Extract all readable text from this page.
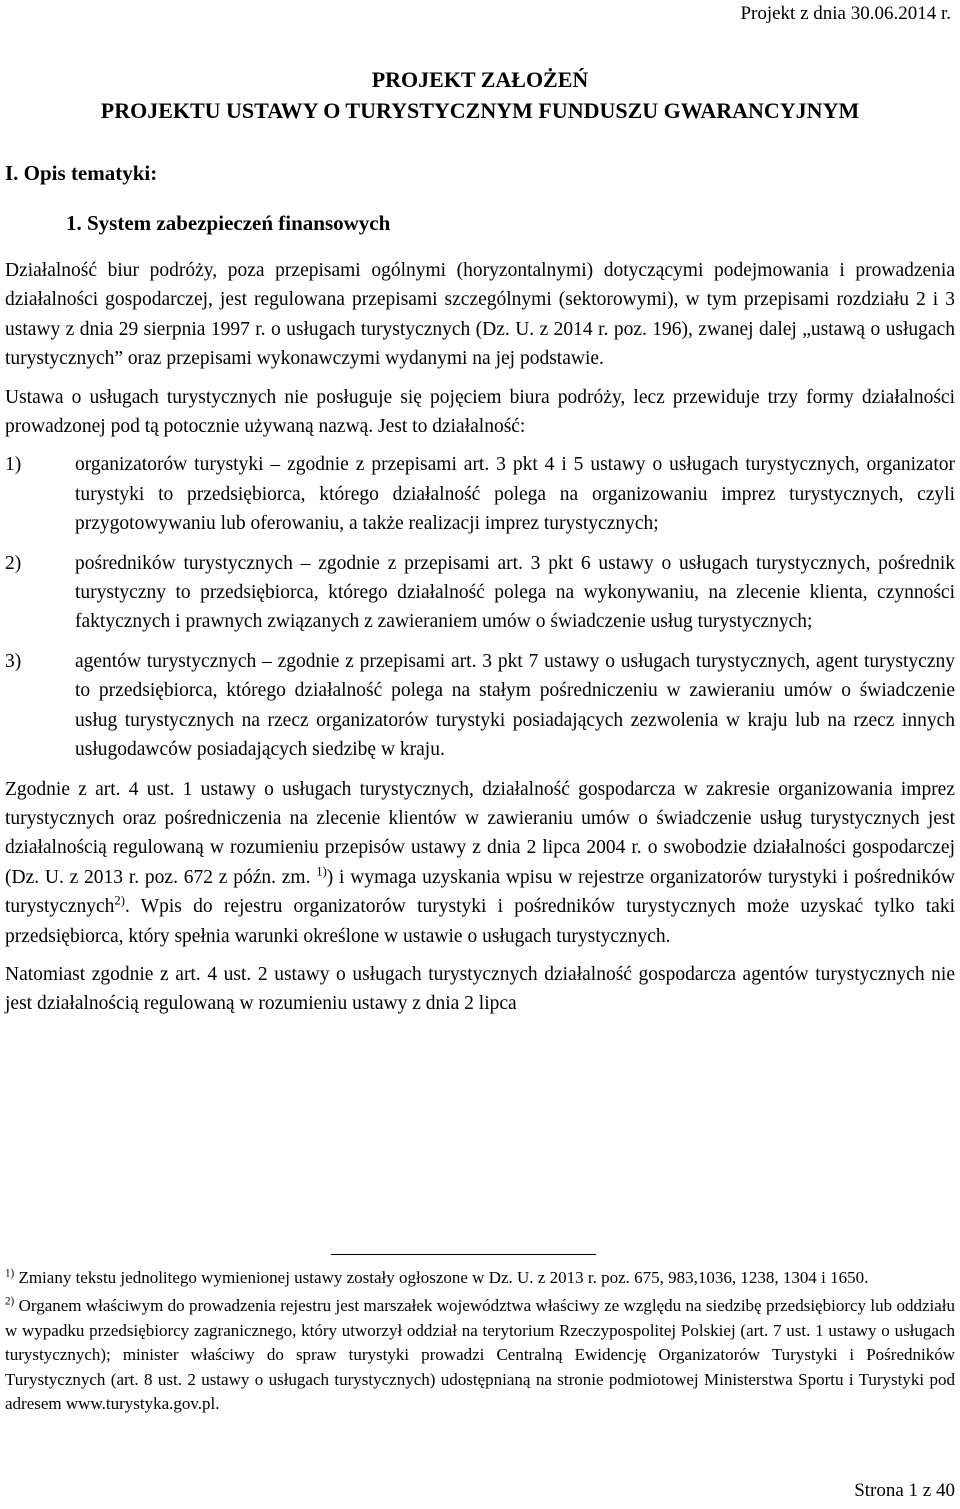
Projekt z dnia 30.06.2014 r.
PROJEKT ZAŁOŻEŃ
PROJEKTU USTAWY O TURYSTYCZNYM FUNDUSZU GWARANCYJNYM
I. Opis tematyki:
1. System zabezpieczeń finansowych

Działalność biur podróży, poza przepisami ogólnymi (horyzontalnymi) dotyczącymi podejmowania i prowadzenia działalności gospodarczej, jest regulowana przepisami szczególnymi (sektorowymi), w tym przepisami rozdziału 2 i 3 ustawy z dnia 29 sierpnia 1997 r. o usługach turystycznych (Dz. U. z 2014 r. poz. 196), zwanej dalej „ustawą o usługach turystycznych” oraz przepisami wykonawczymi wydanymi na jej podstawie.

Ustawa o usługach turystycznych nie posługuje się pojęciem biura podróży, lecz przewiduje trzy formy działalności prowadzonej pod tą potocznie używaną nazwą. Jest to działalność:

1)	organizatorów turystyki – zgodnie z przepisami art. 3 pkt 4 i 5 ustawy o usługach turystycznych, organizator turystyki to przedsiębiorca, którego działalność polega na organizowaniu imprez turystycznych, czyli przygotowywaniu lub oferowaniu, a także realizacji imprez turystycznych;
2)	pośredników turystycznych – zgodnie z przepisami art. 3 pkt 6 ustawy o usługach turystycznych, pośrednik turystyczny to przedsiębiorca, którego działalność polega na wykonywaniu, na zlecenie klienta, czynności faktycznych i prawnych związanych z zawieraniem umów o świadczenie usług turystycznych;
3)	agentów turystycznych – zgodnie z przepisami art. 3 pkt 7 ustawy o usługach turystycznych, agent turystyczny to przedsiębiorca, którego działalność polega na stałym pośredniczeniu w zawieraniu umów o świadczenie usług turystycznych na rzecz organizatorów turystyki posiadających zezwolenia w kraju lub na rzecz innych usługodawców posiadających siedzibę w kraju.

Zgodnie z art. 4 ust. 1 ustawy o usługach turystycznych, działalność gospodarcza w zakresie organizowania imprez turystycznych oraz pośredniczenia na zlecenie klientów w zawieraniu umów o świadczenie usług turystycznych jest działalnością regulowaną w rozumieniu przepisów ustawy z dnia 2 lipca 2004 r. o swobodzie działalności gospodarczej (Dz. U. z 2013 r. poz. 672 z późn. zm. $^{1)}$) i wymaga uzyskania wpisu w rejestrze organizatorów turystyki i pośredników turystycznych$^{2)}$. Wpis do rejestru organizatorów turystyki i pośredników turystycznych może uzyskać tylko taki przedsiębiorca, który spełnia warunki określone w ustawie o usługach turystycznych.

Natomiast zgodnie z art. 4 ust. 2 ustawy o usługach turystycznych działalność gospodarcza agentów turystycznych nie jest działalnością regulowaną w rozumieniu ustawy z dnia 2 lipca

$^{1)}$ Zmiany tekstu jednolitego wymienionej ustawy zostały ogłoszone w Dz. U. z 2013 r. poz. 675, 983,1036, 1238, 1304 i 1650.

$^{2)}$ Organem właściwym do prowadzenia rejestru jest marszałek województwa właściwy ze względu na siedzibę przedsiębiorcy lub oddziału w wypadku przedsiębiorcy zagranicznego, który utworzył oddział na terytorium Rzeczypospolitej Polskiej (art. 7 ust. 1 ustawy o usługach turystycznych); minister właściwy do spraw turystyki prowadzi Centralną Ewidencję Organizatorów Turystyki i Pośredników Turystycznych (art. 8 ust. 2 ustawy o usługach turystycznych) udostępnianą na stronie podmiotowej Ministerstwa Sportu i Turystyki pod adresem www.turystyka.gov.pl.

Strona 1 z 40
